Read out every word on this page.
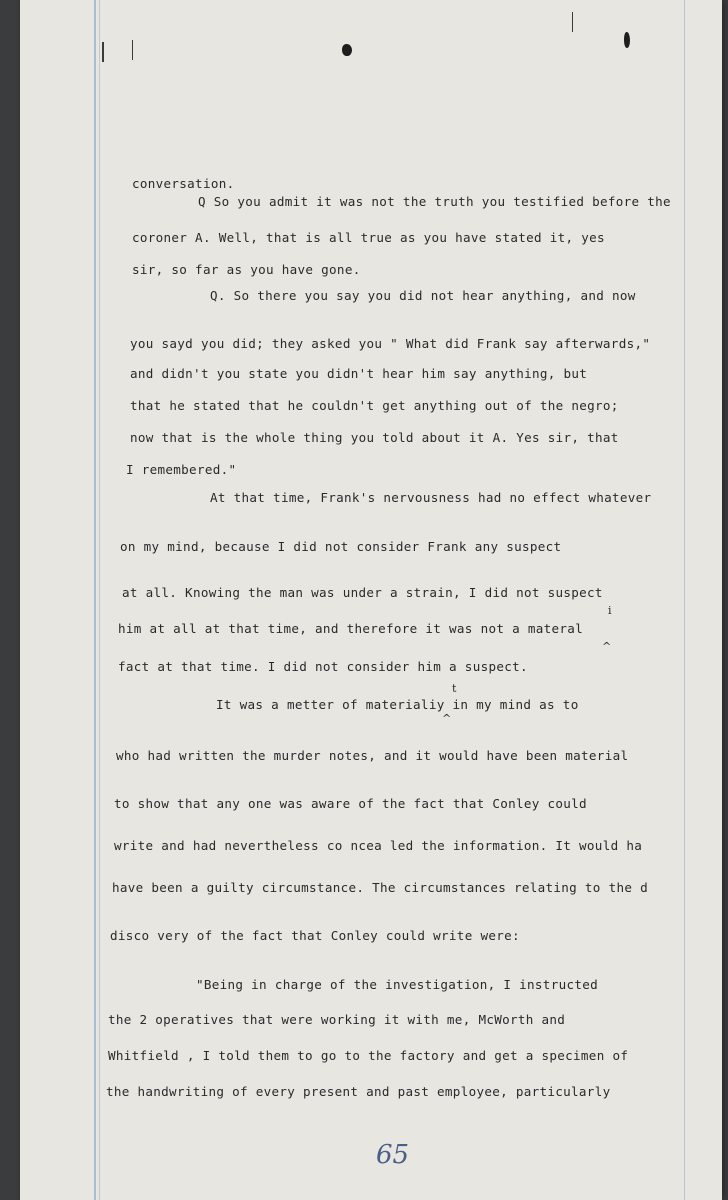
conversation.
Q So you admit it was not the truth you testified before the
coroner A. Well, that is all true as you have stated it, yes
sir, so far as you have gone.
Q. So there you say you did not hear anything, and now
you sayd you did; they asked you " What did Frank say afterwards,"
and didn't you state you didn't hear him say anything, but
that he stated that he couldn't get anything out of the negro;
now that is the whole thing you told about it A. Yes sir, that
I remembered."
At that time, Frank's nervousness had no effect whatever
on my mind, because I did not consider Frank any suspect
at all. Knowing the man was under a strain, I did not suspect
him at all at that time, and therefore it was not a materal
fact at that time. I did not consider him a suspect.
It was a metter of materialiy in my mind as to
who had written the murder notes, and it would have been material
to show that any one was aware of the fact that Conley could
write and had nevertheless co ncea led the information. It would ha
have been a guilty circumstance. The circumstances relating to the d
disco very of the fact that Conley could write were:
"Being in charge of the investigation, I instructed
the 2 operatives that were working it with me, McWorth and
Whitfield , I told them to go to the factory and get a specimen of
the handwriting of every present and past employee, particularly
i
^
t
^
65
